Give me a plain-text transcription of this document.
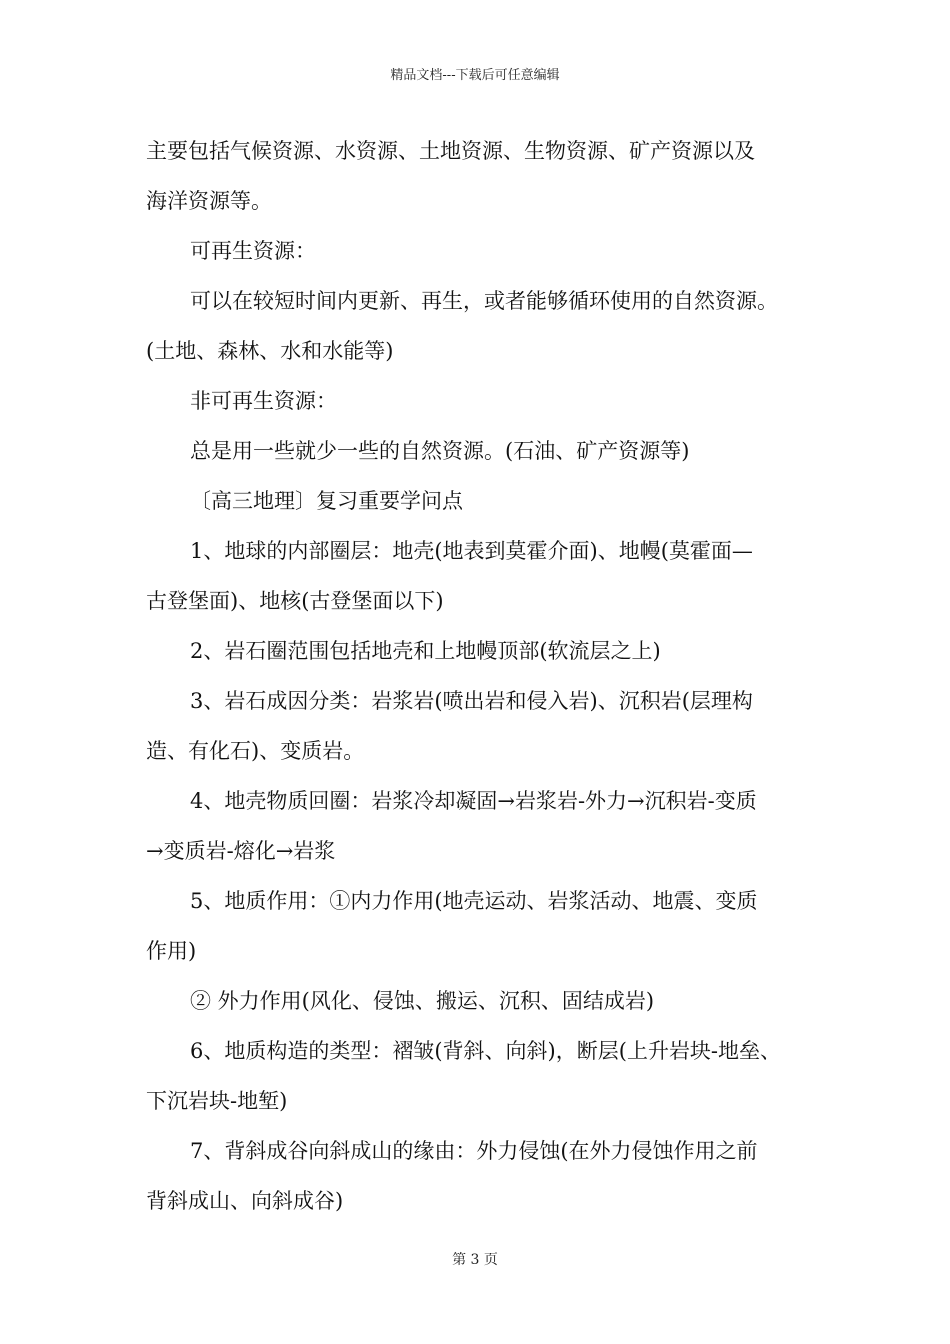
精品文档---下载后可任意编辑
主要包括气候资源、水资源、土地资源、生物资源、矿产资源以及
海洋资源等。
可再生资源：
可以在较短时间内更新、再生，或者能够循环使用的自然资源。
(土地、森林、水和水能等)
非可再生资源：
总是用一些就少一些的自然资源。(石油、矿产资源等)
〔高三地理〕复习重要学问点
1、地球的内部圈层：地壳(地表到莫霍介面)、地幔(莫霍面—
古登堡面)、地核(古登堡面以下)
2、岩石圈范围包括地壳和上地幔顶部(软流层之上)
3、岩石成因分类：岩浆岩(喷出岩和侵入岩)、沉积岩(层理构
造、有化石)、变质岩。
4、地壳物质回圈：岩浆冷却凝固→岩浆岩-外力→沉积岩-变质
→变质岩-熔化→岩浆
5、地质作用：①内力作用(地壳运动、岩浆活动、地震、变质
作用)
② 外力作用(风化、侵蚀、搬运、沉积、固结成岩)
6、地质构造的类型：褶皱(背斜、向斜)，断层(上升岩块-地垒、
下沉岩块-地堑)
7、背斜成谷向斜成山的缘由：外力侵蚀(在外力侵蚀作用之前
背斜成山、向斜成谷)
第 3 页
